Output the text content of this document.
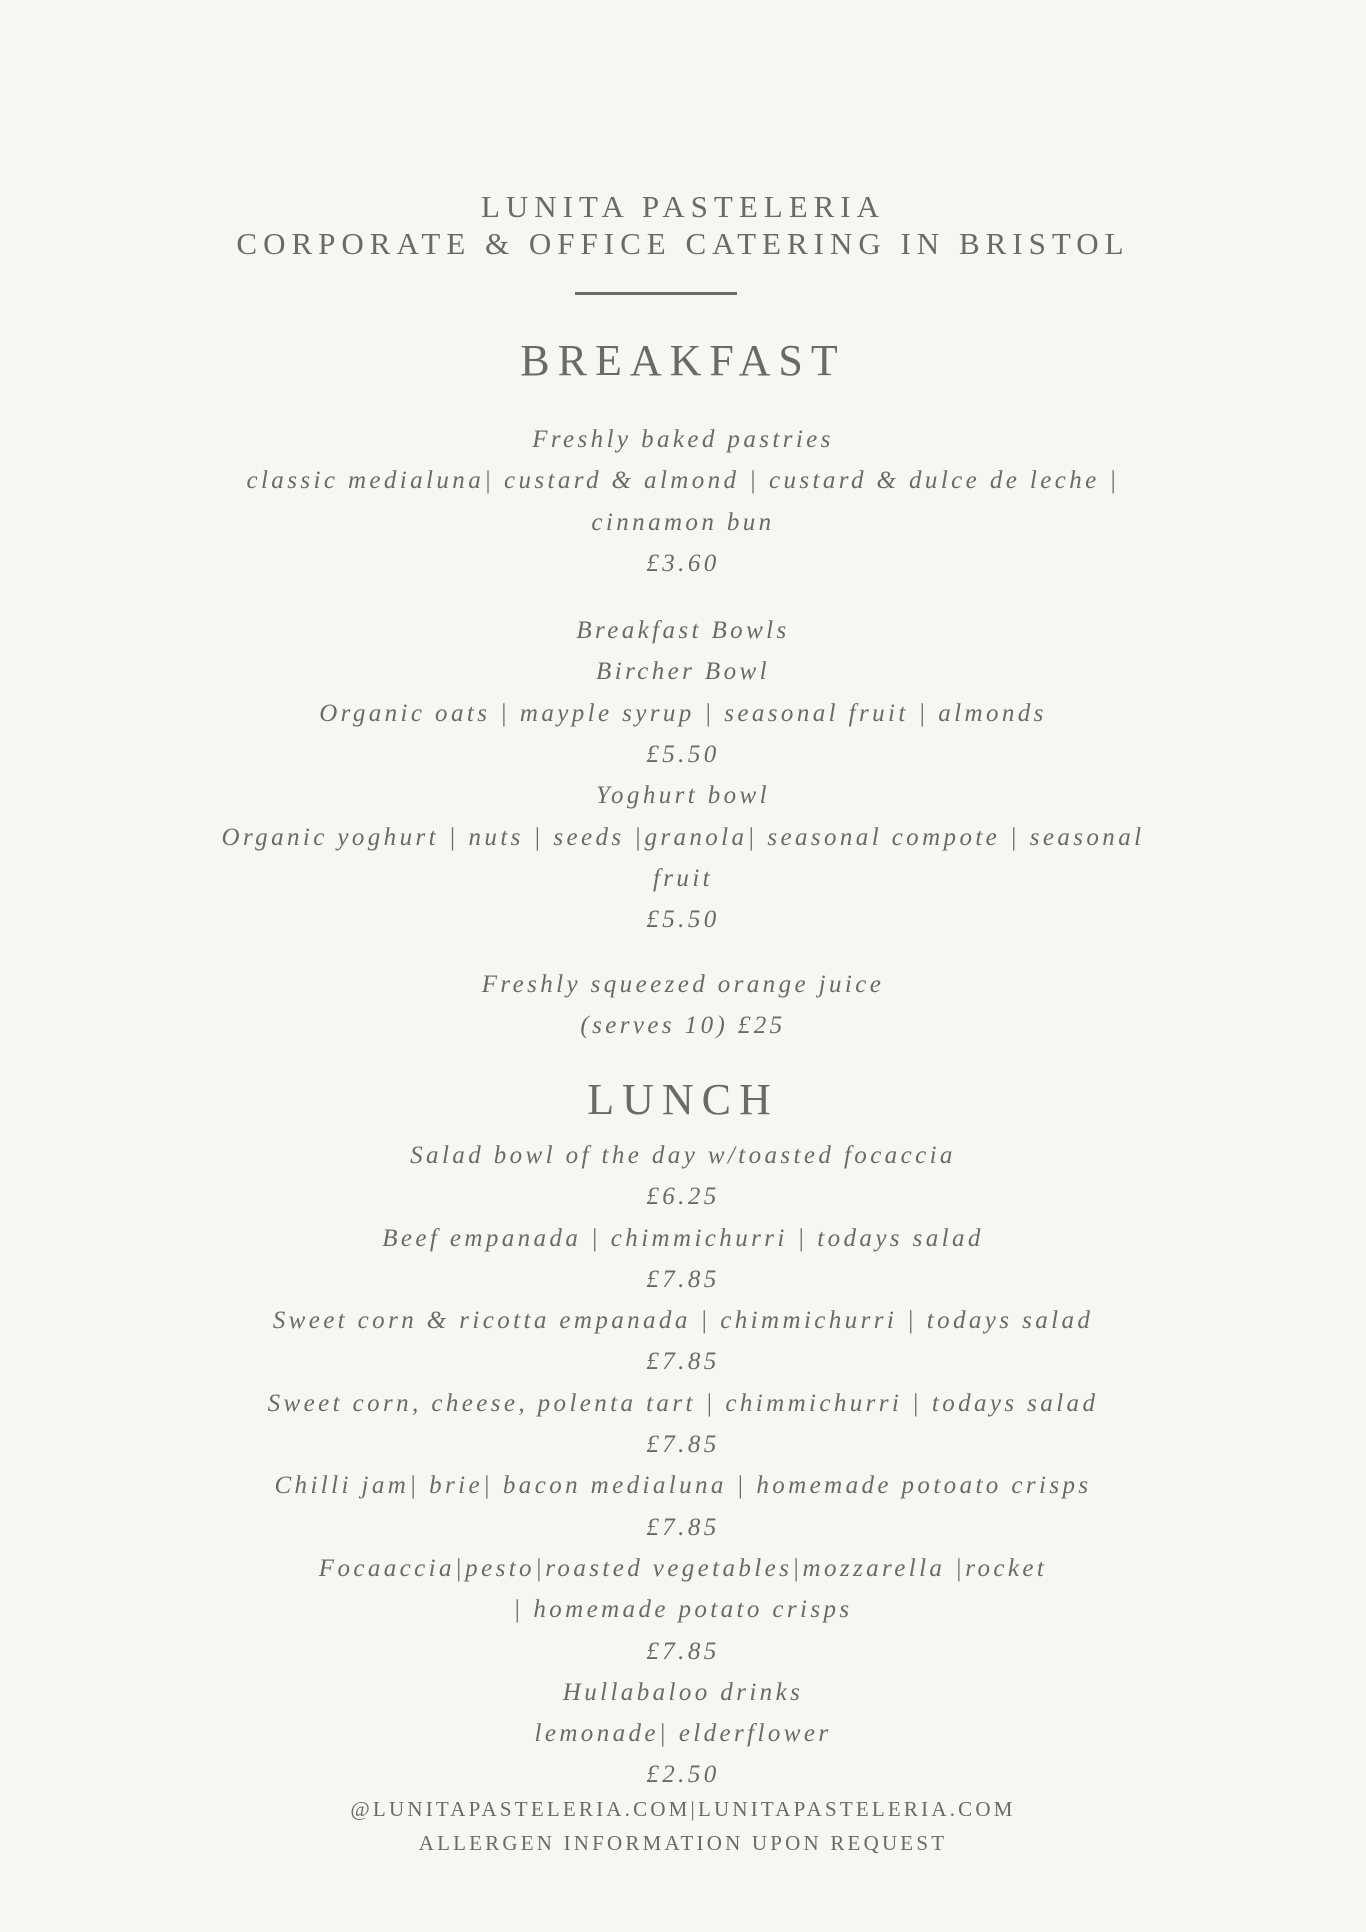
LUNITA PASTELERIA
CORPORATE & OFFICE CATERING IN BRISTOL
BREAKFAST
Freshly baked pastries
classic medialuna| custard & almond | custard & dulce de leche |
cinnamon bun
£3.60
Breakfast Bowls
Bircher Bowl
Organic oats | mayple syrup | seasonal fruit | almonds
£5.50
Yoghurt bowl
Organic yoghurt | nuts | seeds |granola| seasonal compote | seasonal
fruit
£5.50
Freshly squeezed orange juice
(serves 10) £25
LUNCH
Salad bowl of the day w/toasted focaccia
£6.25
Beef empanada | chimmichurri | todays salad
£7.85
Sweet corn & ricotta empanada | chimmichurri | todays salad
£7.85
Sweet corn, cheese, polenta tart | chimmichurri | todays salad
£7.85
Chilli jam| brie| bacon medialuna | homemade potoato crisps
£7.85
Focaaccia|pesto|roasted vegetables|mozzarella |rocket
| homemade potato crisps
£7.85
Hullabaloo drinks
lemonade| elderflower
£2.50
@LUNITAPASTELERIA.COM|LUNITAPASTELERIA.COM
ALLERGEN INFORMATION UPON REQUEST
